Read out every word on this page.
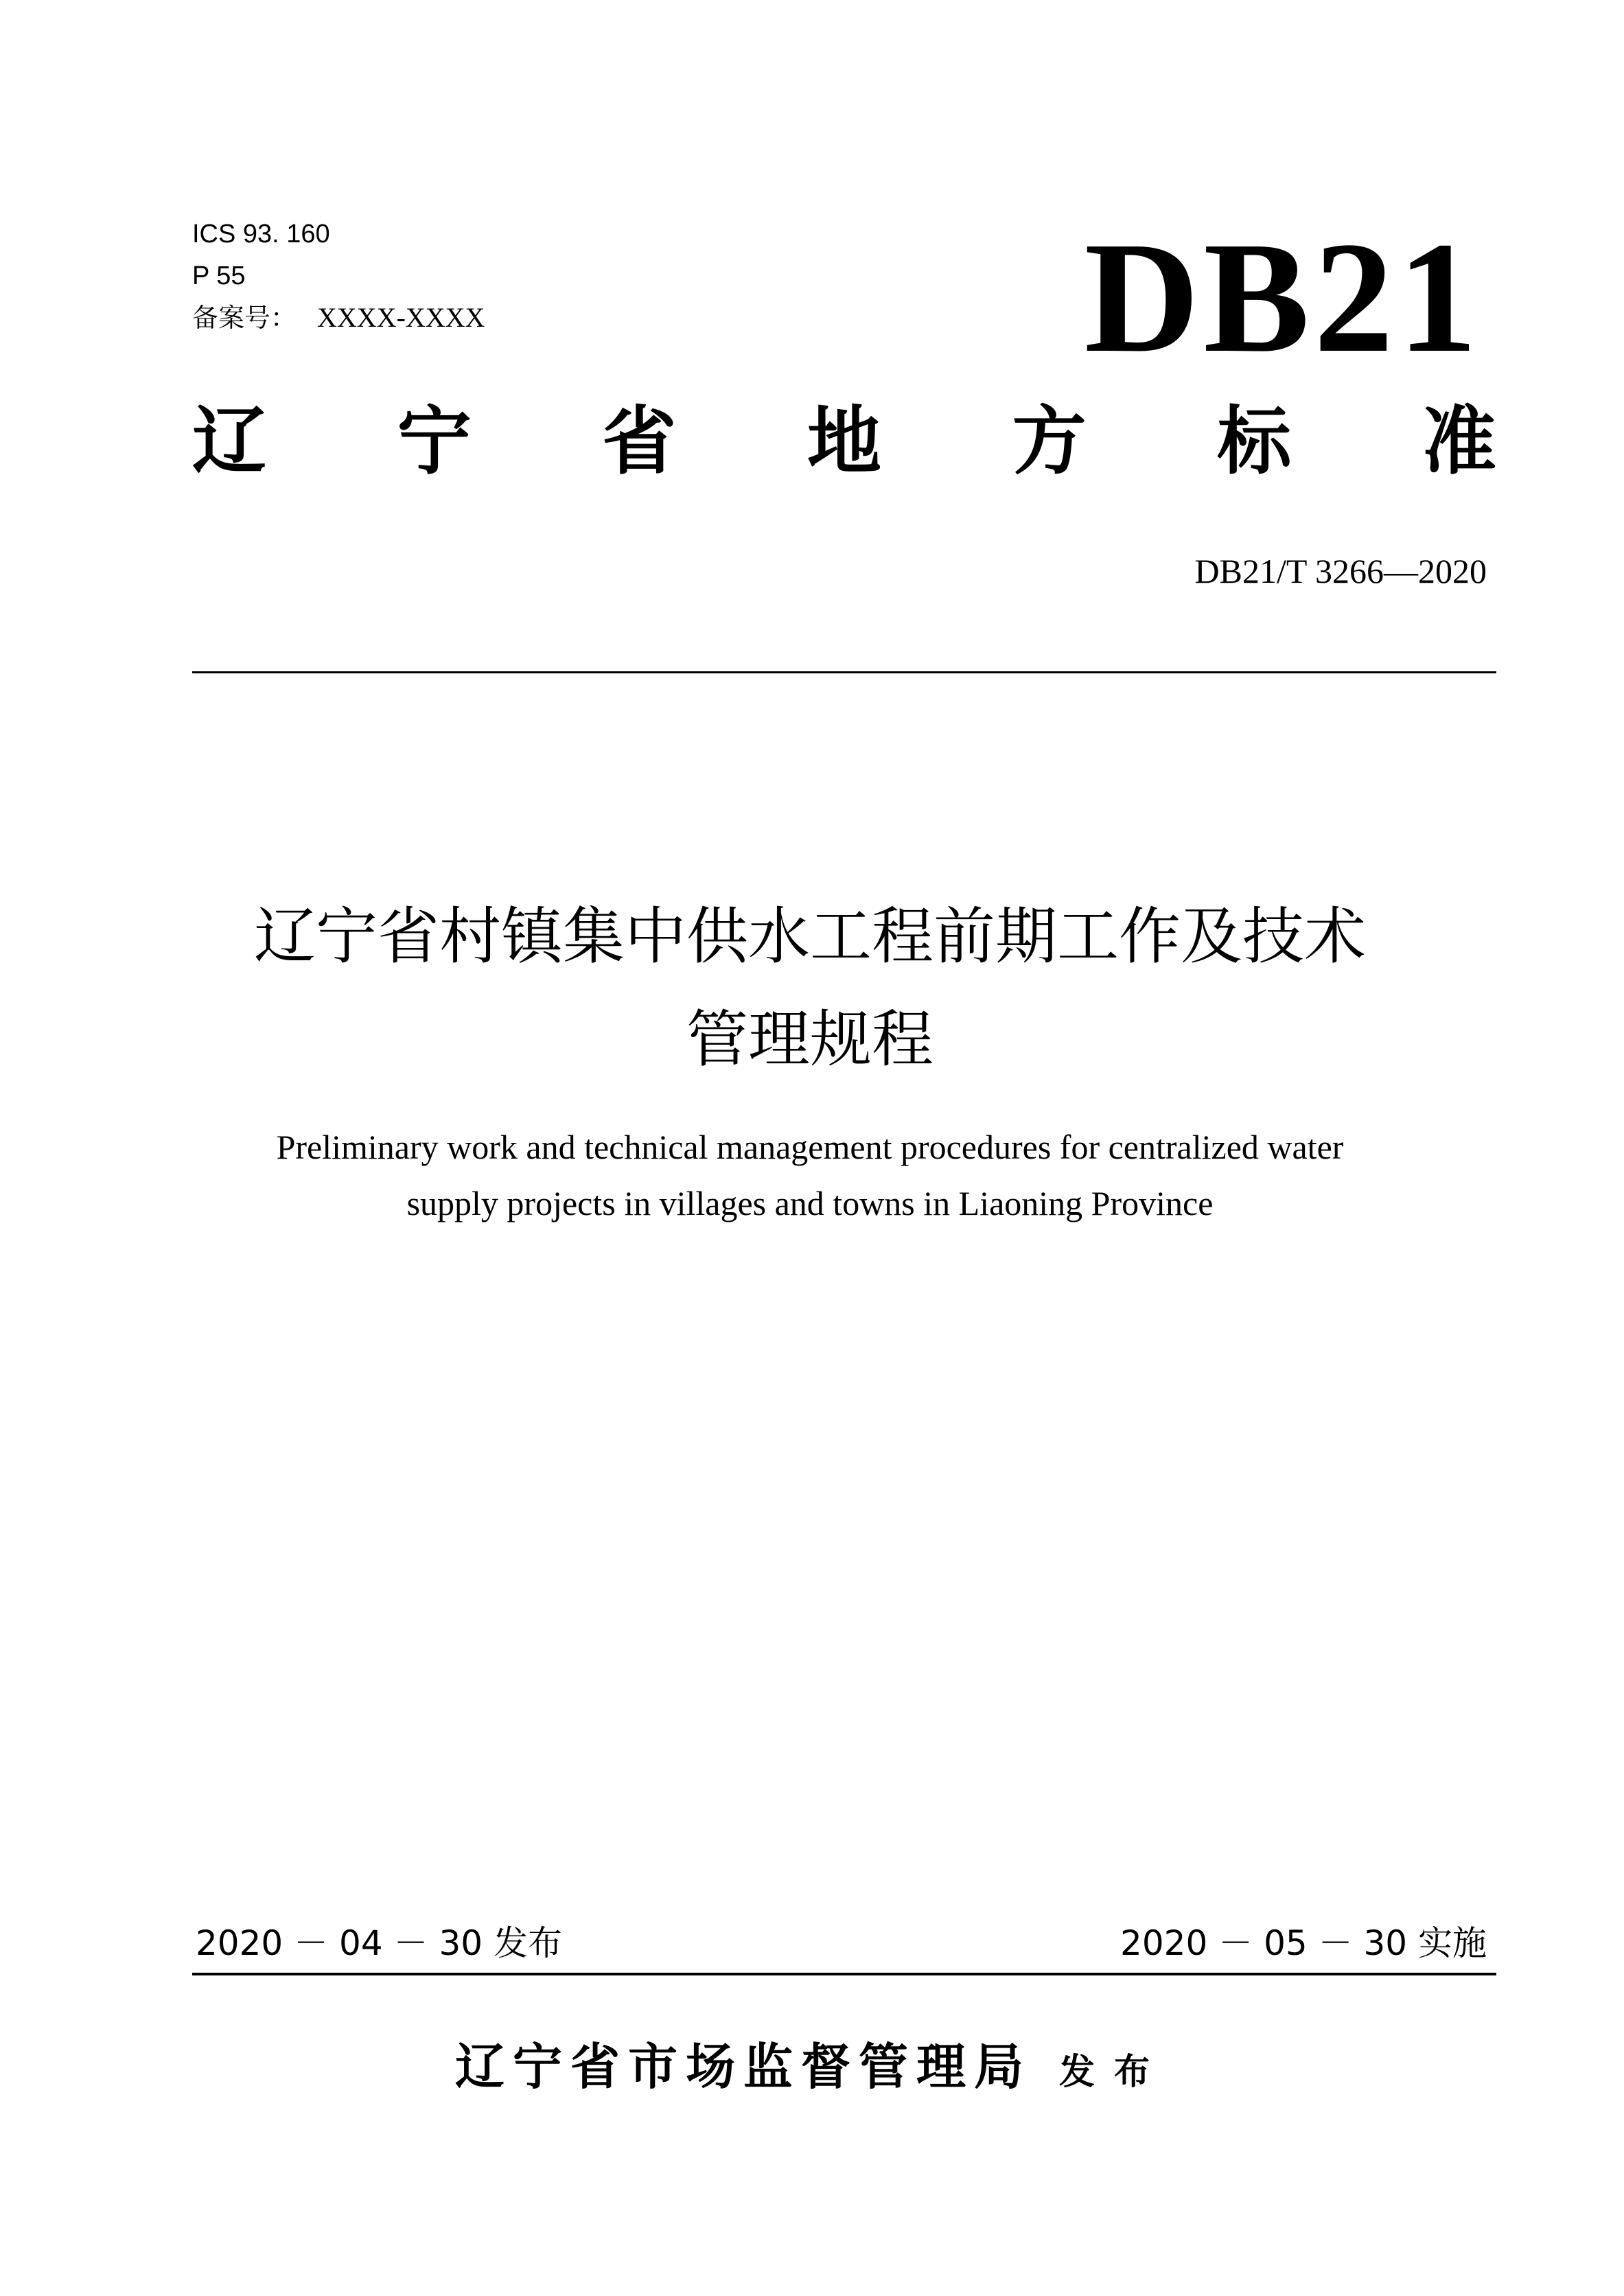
ICS 93. 160
P 55
备案号： XXXX-XXXX	DB21
辽 宁 省 地 方 标 准
DB21/T 3266—2020
辽宁省村镇集中供水工程前期工作及技术
管理规程
Preliminary work and technical management procedures for centralized water
supply projects in villages and towns in Liaoning Province
2020 － 04 － 30 发布	2020 － 05 － 30 实施
辽宁省市场监督管理局 发布
